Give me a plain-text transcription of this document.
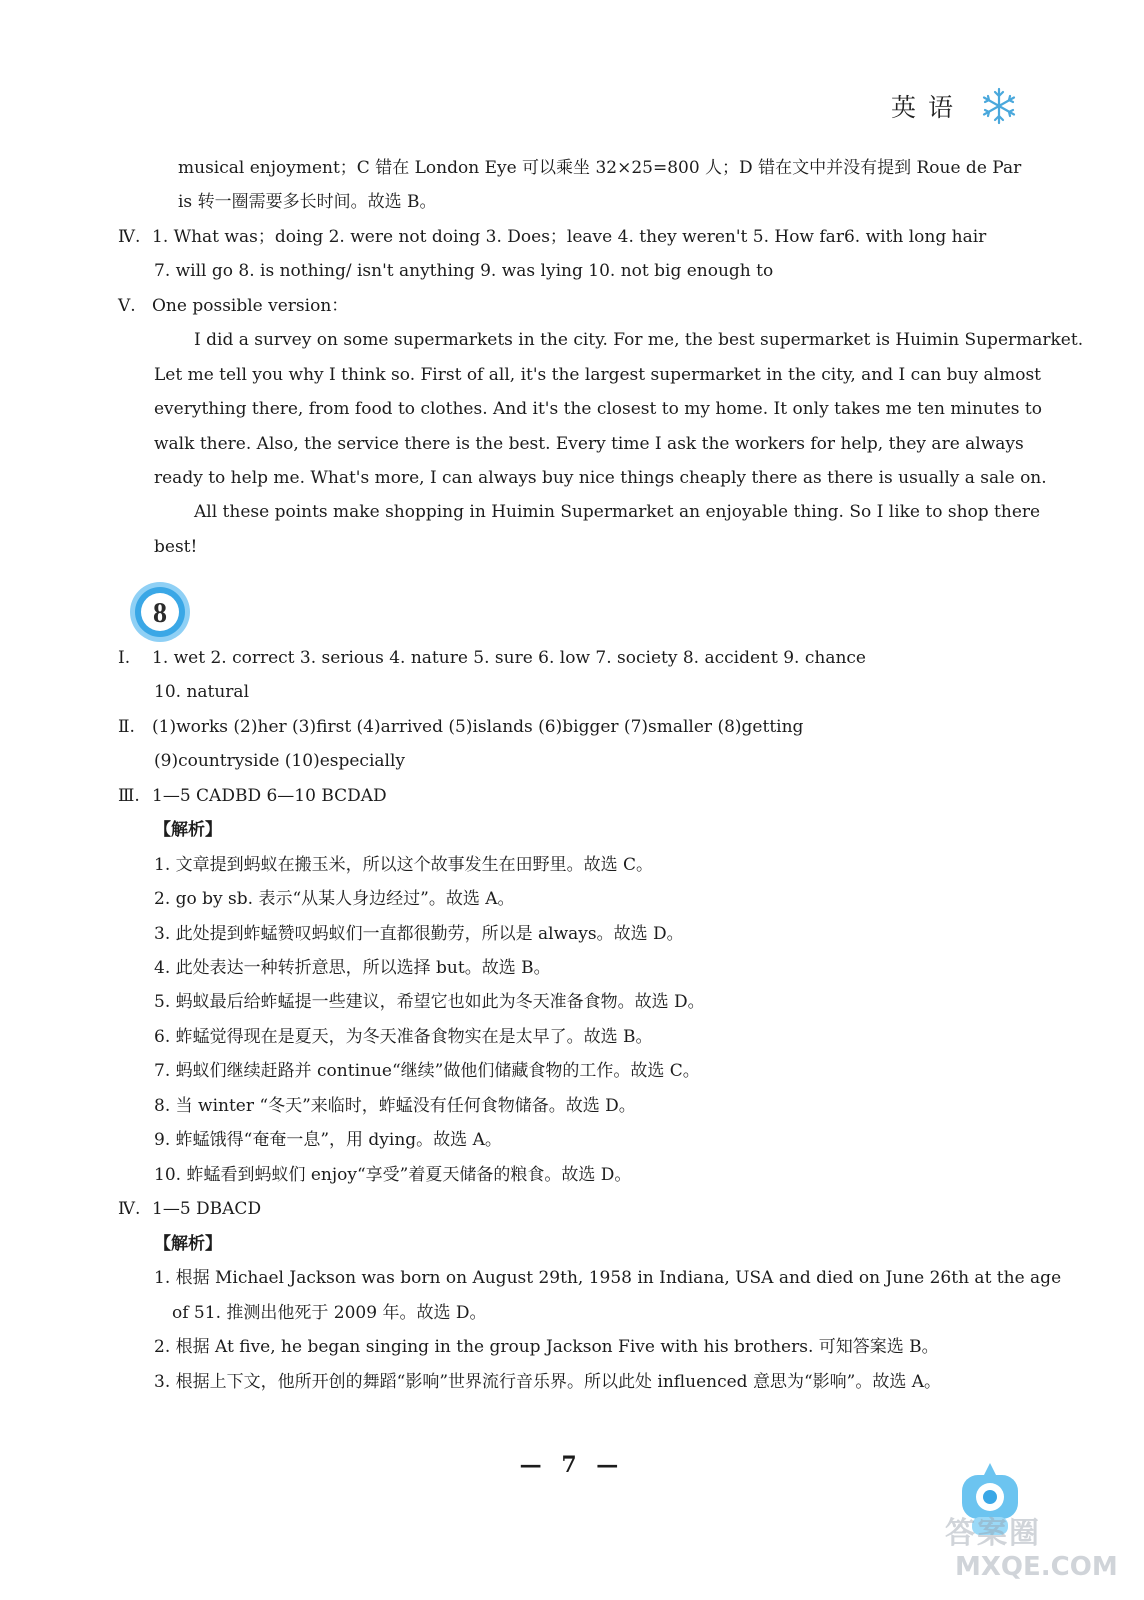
英语
musical enjoyment；C 错在 London Eye 可以乘坐 32×25=800 人；D 错在文中并没有提到 Roue de Par
is 转一圈需要多长时间。故选 B。
Ⅳ. 1. What was；doing 2. were not doing 3. Does；leave 4. they weren't 5. How far6. with long hair
7. will go 8. is nothing/ isn't anything 9. was lying 10. not big enough to
Ⅴ. One possible version：
I did a survey on some supermarkets in the city. For me, the best supermarket is Huimin Supermarket.
Let me tell you why I think so. First of all, it's the largest supermarket in the city, and I can buy almost
everything there, from food to clothes. And it's the closest to my home. It only takes me ten minutes to
walk there. Also, the service there is the best. Every time I ask the workers for help, they are always
ready to help me. What's more, I can always buy nice things cheaply there as there is usually a sale on.
All these points make shopping in Huimin Supermarket an enjoyable thing. So I like to shop there
best!
8
Ⅰ. 1. wet 2. correct 3. serious 4. nature 5. sure 6. low 7. society 8. accident 9. chance
10. natural
Ⅱ. (1)works (2)her (3)first (4)arrived (5)islands (6)bigger (7)smaller (8)getting
(9)countryside (10)especially
Ⅲ. 1—5 CADBD 6—10 BCDAD
【解析】
1. 文章提到蚂蚁在搬玉米，所以这个故事发生在田野里。故选 C。
2. go by sb. 表示“从某人身边经过”。故选 A。
3. 此处提到蚱蜢赞叹蚂蚁们一直都很勤劳，所以是 always。故选 D。
4. 此处表达一种转折意思，所以选择 but。故选 B。
5. 蚂蚁最后给蚱蜢提一些建议，希望它也如此为冬天准备食物。故选 D。
6. 蚱蜢觉得现在是夏天，为冬天准备食物实在是太早了。故选 B。
7. 蚂蚁们继续赶路并 continue“继续”做他们储藏食物的工作。故选 C。
8. 当 winter “冬天”来临时，蚱蜢没有任何食物储备。故选 D。
9. 蚱蜢饿得“奄奄一息”，用 dying。故选 A。
10. 蚱蜢看到蚂蚁们 enjoy“享受”着夏天储备的粮食。故选 D。
Ⅳ. 1—5 DBACD
【解析】
1. 根据 Michael Jackson was born on August 29th, 1958 in Indiana, USA and died on June 26th at the age
of 51. 推测出他死于 2009 年。故选 D。
2. 根据 At five, he began singing in the group Jackson Five with his brothers. 可知答案选 B。
3. 根据上下文，他所开创的舞蹈“影响”世界流行音乐界。所以此处 influenced 意思为“影响”。故选 A。
— 7 —
答案圈
MXQE.COM
